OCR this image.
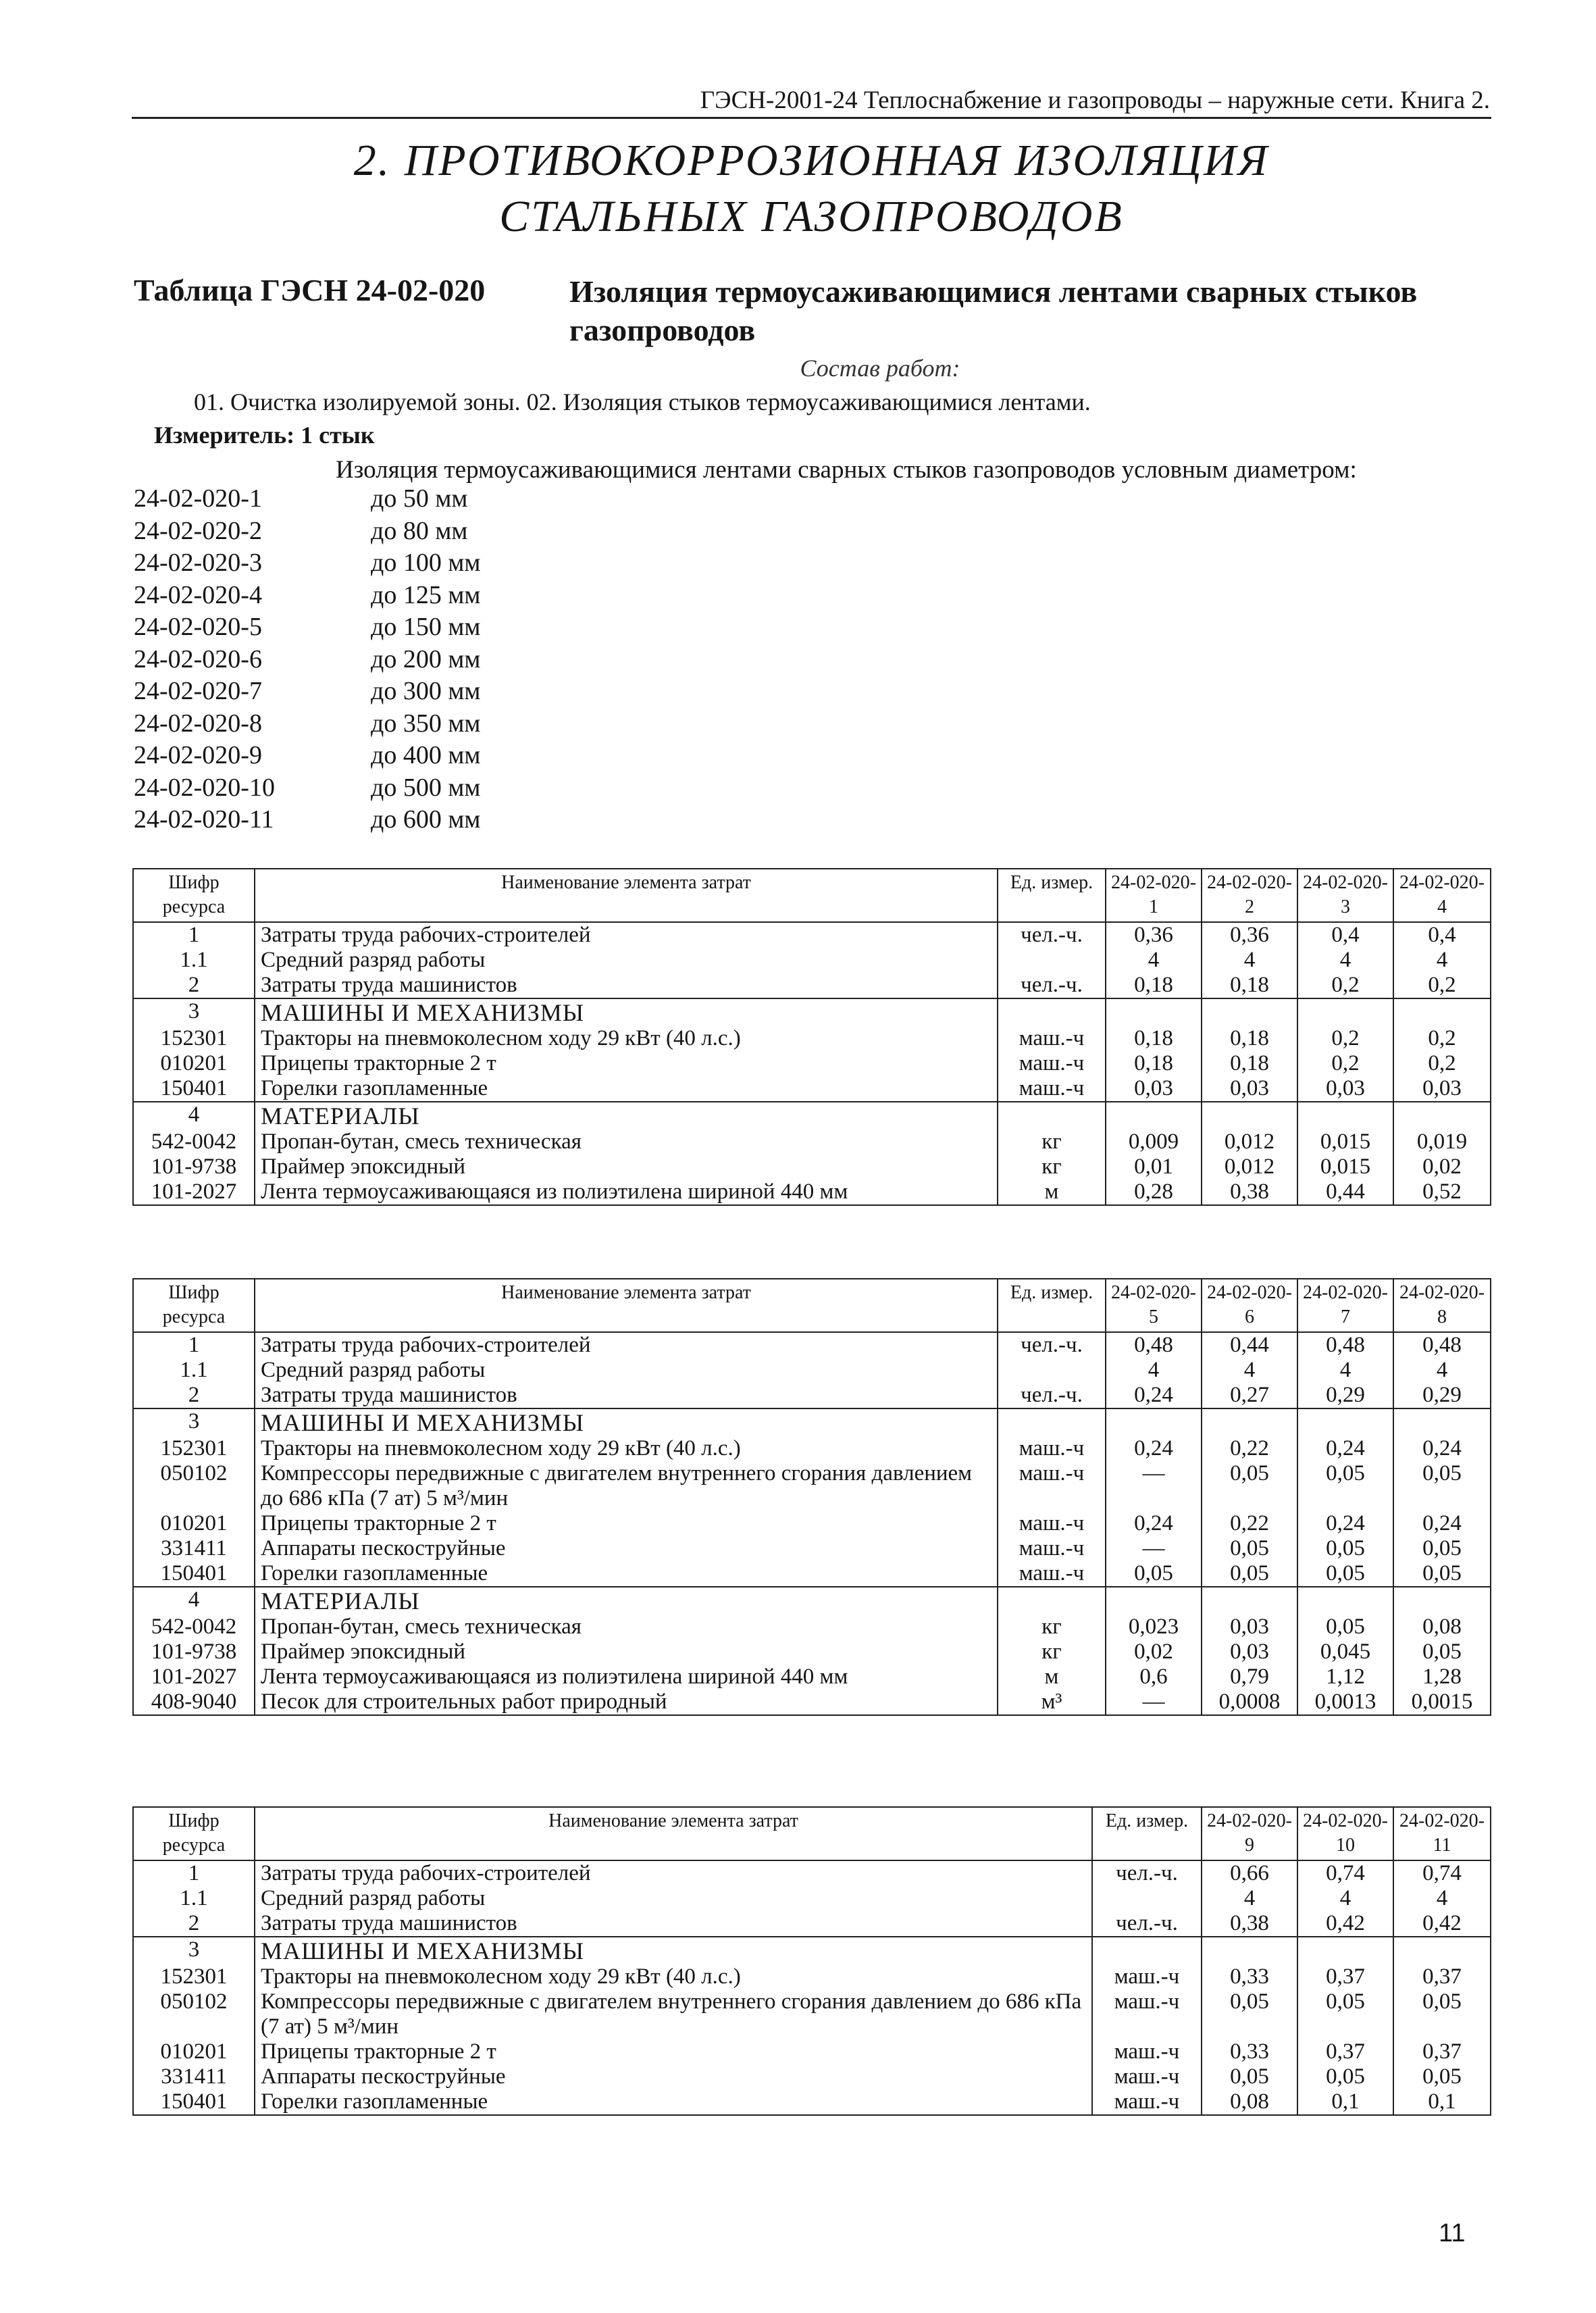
ГЭСН-2001-24 Теплоснабжение и газопроводы – наружные сети. Книга 2.
2. ПРОТИВОКОРРОЗИОННАЯ ИЗОЛЯЦИЯ
СТАЛЬНЫХ ГАЗОПРОВОДОВ
Таблица ГЭСН 24-02-020	Изоляция термоусаживающимися лентами сварных стыков газопроводов
Состав работ:
01. Очистка изолируемой зоны. 02. Изоляция стыков термоусаживающимися лентами.
Измеритель: 1 стык
Изоляция термоусаживающимися лентами сварных стыков газопроводов условным диаметром:
24-02-020-1	до 50 мм
24-02-020-2	до 80 мм
24-02-020-3	до 100 мм
24-02-020-4	до 125 мм
24-02-020-5	до 150 мм
24-02-020-6	до 200 мм
24-02-020-7	до 300 мм
24-02-020-8	до 350 мм
24-02-020-9	до 400 мм
24-02-020-10	до 500 мм
24-02-020-11	до 600 мм
Шифр ресурса	Наименование элемента затрат	Ед. измер.	24-02-020-1	24-02-020-2	24-02-020-3	24-02-020-4
1	Затраты труда рабочих-строителей	чел.-ч.	0,36	0,36	0,4	0,4
1.1	Средний разряд работы		4	4	4	4
2	Затраты труда машинистов	чел.-ч.	0,18	0,18	0,2	0,2
3	МАШИНЫ И МЕХАНИЗМЫ					
152301	Тракторы на пневмоколесном ходу 29 кВт (40 л.с.)	маш.-ч	0,18	0,18	0,2	0,2
010201	Прицепы тракторные 2 т	маш.-ч	0,18	0,18	0,2	0,2
150401	Горелки газопламенные	маш.-ч	0,03	0,03	0,03	0,03
4	МАТЕРИАЛЫ					
542-0042	Пропан-бутан, смесь техническая	кг	0,009	0,012	0,015	0,019
101-9738	Праймер эпоксидный	кг	0,01	0,012	0,015	0,02
101-2027	Лента термоусаживающаяся из полиэтилена шириной 440 мм	м	0,28	0,38	0,44	0,52
Шифр ресурса	Наименование элемента затрат	Ед. измер.	24-02-020-5	24-02-020-6	24-02-020-7	24-02-020-8
1	Затраты труда рабочих-строителей	чел.-ч.	0,48	0,44	0,48	0,48
1.1	Средний разряд работы		4	4	4	4
2	Затраты труда машинистов	чел.-ч.	0,24	0,27	0,29	0,29
3	МАШИНЫ И МЕХАНИЗМЫ					
152301	Тракторы на пневмоколесном ходу 29 кВт (40 л.с.)	маш.-ч	0,24	0,22	0,24	0,24
050102	Компрессоры передвижные с двигателем внутреннего сгорания давлением до 686 кПа (7 ат) 5 м³/мин	маш.-ч	—	0,05	0,05	0,05
010201	Прицепы тракторные 2 т	маш.-ч	0,24	0,22	0,24	0,24
331411	Аппараты пескоструйные	маш.-ч	—	0,05	0,05	0,05
150401	Горелки газопламенные	маш.-ч	0,05	0,05	0,05	0,05
4	МАТЕРИАЛЫ					
542-0042	Пропан-бутан, смесь техническая	кг	0,023	0,03	0,05	0,08
101-9738	Праймер эпоксидный	кг	0,02	0,03	0,045	0,05
101-2027	Лента термоусаживающаяся из полиэтилена шириной 440 мм	м	0,6	0,79	1,12	1,28
408-9040	Песок для строительных работ природный	м³	—	0,0008	0,0013	0,0015
Шифр ресурса	Наименование элемента затрат	Ед. измер.	24-02-020-9	24-02-020-10	24-02-020-11
1	Затраты труда рабочих-строителей	чел.-ч.	0,66	0,74	0,74
1.1	Средний разряд работы		4	4	4
2	Затраты труда машинистов	чел.-ч.	0,38	0,42	0,42
3	МАШИНЫ И МЕХАНИЗМЫ				
152301	Тракторы на пневмоколесном ходу 29 кВт (40 л.с.)	маш.-ч	0,33	0,37	0,37
050102	Компрессоры передвижные с двигателем внутреннего сгорания давлением до 686 кПа (7 ат) 5 м³/мин	маш.-ч	0,05	0,05	0,05
010201	Прицепы тракторные 2 т	маш.-ч	0,33	0,37	0,37
331411	Аппараты пескоструйные	маш.-ч	0,05	0,05	0,05
150401	Горелки газопламенные	маш.-ч	0,08	0,1	0,1
11
